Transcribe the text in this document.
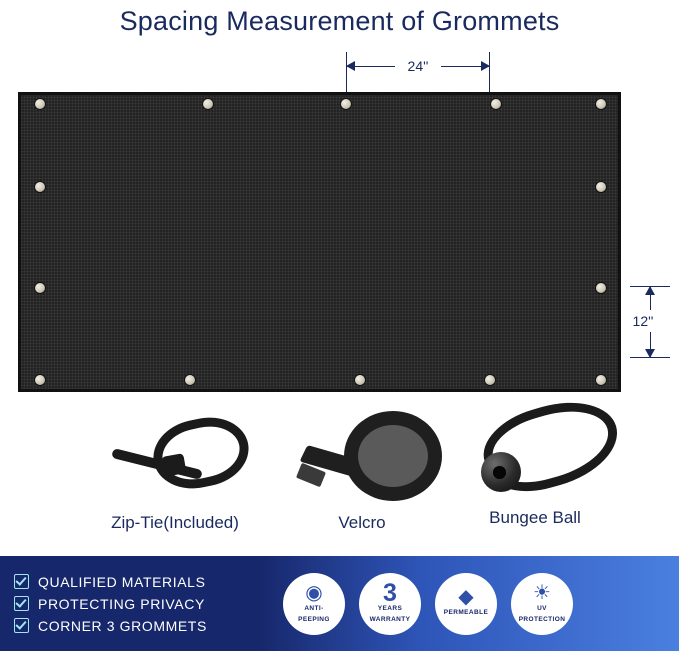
Spacing Measurement of Grommets
24''
12''
Zip-Tie(Included)	Velcro	Bungee Ball
QUALIFIED MATERIALS
PROTECTING PRIVACY
CORNER 3 GROMMETS
◉
ANTI-
PEEPING
3
YEARS
WARRANTY
◆
PERMEABLE
☀
UV
PROTECTION
